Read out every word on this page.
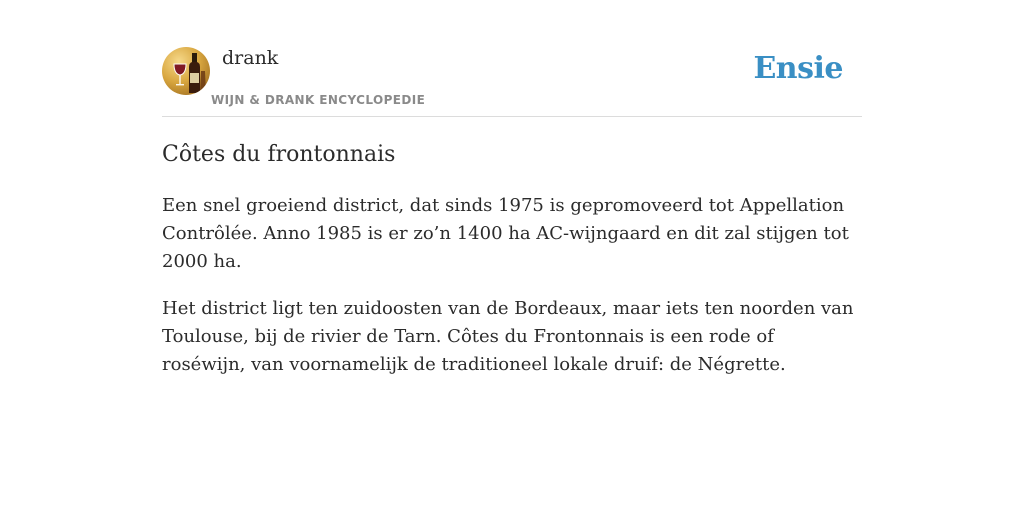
drank
WIJN & DRANK ENCYCLOPEDIE
Ensie
Côtes du frontonnais

Een snel groeiend district, dat sinds 1975 is gepromoveerd tot Appellation Contrôlée. Anno 1985 is er zo’n 1400 ha AC-wijngaard en dit zal stijgen tot 2000 ha.

Het district ligt ten zuidoosten van de Bordeaux, maar iets ten noorden van Toulouse, bij de rivier de Tarn. Côtes du Frontonnais is een rode of roséwijn, van voornamelijk de traditioneel lokale druif: de Négrette.
